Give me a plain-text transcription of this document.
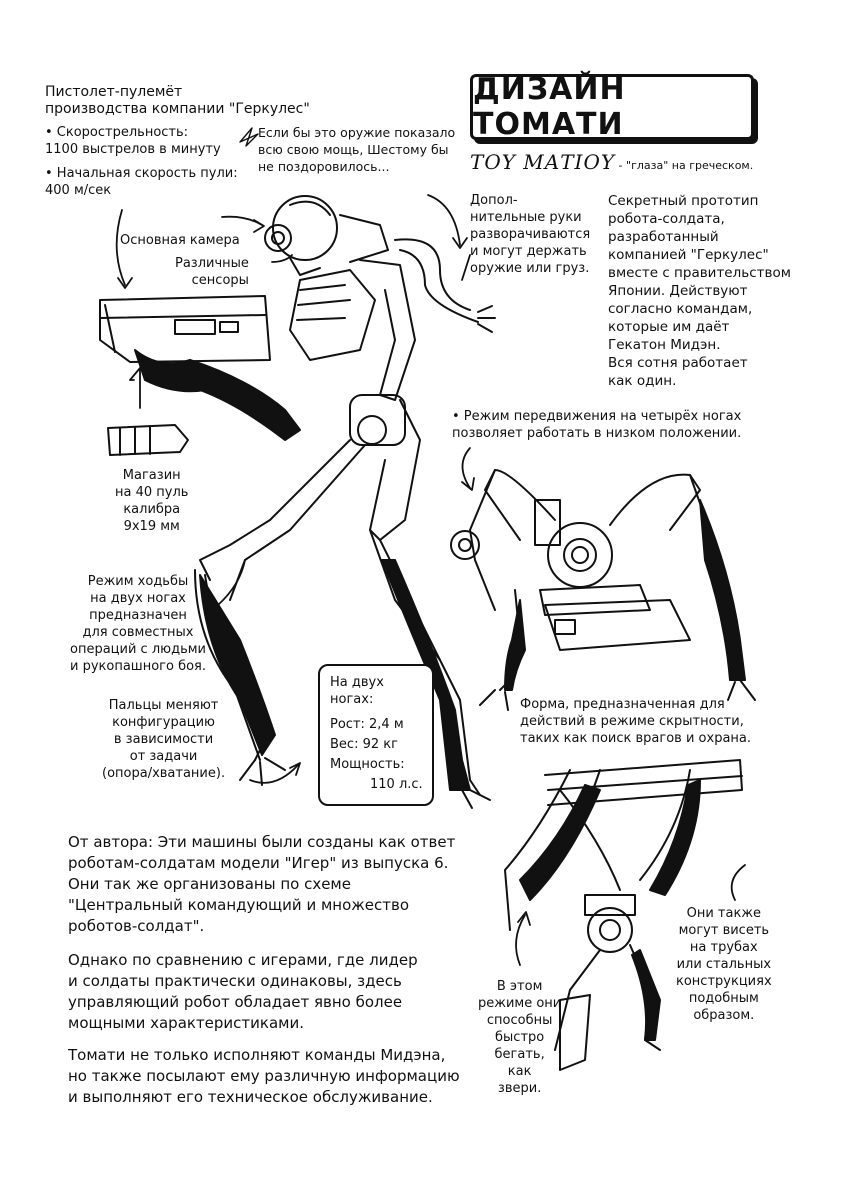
ДИЗАЙН ТОМАТИ
ΤΟΥ ΜΑΤΙΟΥ - "глаза" на греческом.
Пистолет-пулемёт
производства компании "Геркулес"
• Скорострельность:
1100 выстрелов в минуту
• Начальная скорость пули:
400 м/сек
Если бы это оружие показало
всю свою мощь, Шестому бы
не поздоровилось...
Основная камера
Различные
сенсоры
Допол-
нительные руки
разворачиваются
и могут держать
оружие или груз.
Секретный прототип
робота-солдата,
разработанный
компанией "Геркулес"
вместе с правительством
Японии. Действуют
согласно командам,
которые им даёт
Гекатон Мидэн.
Вся сотня работает
как один.
Магазин
на 40 пуль
калибра
9x19 мм
• Режим передвижения на четырёх ногах
позволяет работать в низком положении.
Режим ходьбы
на двух ногах
предназначен
для совместных
операций с людьми
и рукопашного боя.
Пальцы меняют
конфигурацию
в зависимости
от задачи
(опора/хватание).
Форма, предназначенная для
действий в режиме скрытности,
таких как поиск врагов и охрана.
Они также
могут висеть
на трубах
или стальных
конструкциях
подобным
образом.
В этом
режиме они
способны
быстро
бегать,
как
звери.
На двух
ногах:
Рост: 2,4 м
Вес: 92 кг
Мощность:
110 л.с.
От автора: Эти машины были созданы как ответ
роботам-солдатам модели "Игер" из выпуска 6.
Они так же организованы по схеме
"Центральный командующий и множество
роботов-солдат".
Однако по сравнению с игерами, где лидер
и солдаты практически одинаковы, здесь
управляющий робот обладает явно более
мощными характеристиками.
Томати не только исполняют команды Мидэна,
но также посылают ему различную информацию
и выполняют его техническое обслуживание.
